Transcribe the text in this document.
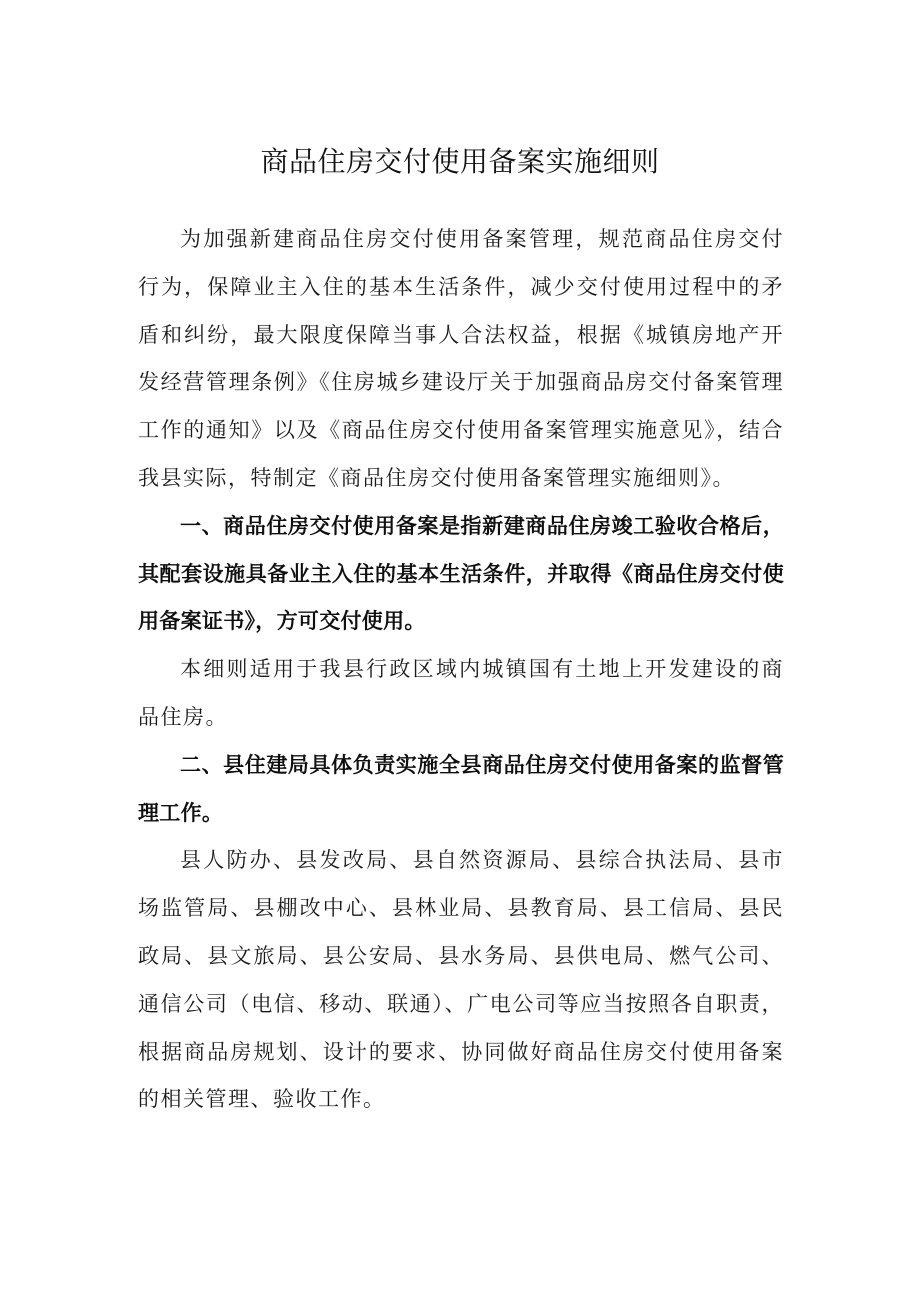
商品住房交付使用备案实施细则

为加强新建商品住房交付使用备案管理，规范商品住房交付行为，保障业主入住的基本生活条件，减少交付使用过程中的矛盾和纠纷，最大限度保障当事人合法权益，根据《城镇房地产开发经营管理条例》《住房城乡建设厅关于加强商品房交付备案管理工作的通知》以及《商品住房交付使用备案管理实施意见》，结合我县实际，特制定《商品住房交付使用备案管理实施细则》。

一、商品住房交付使用备案是指新建商品住房竣工验收合格后，其配套设施具备业主入住的基本生活条件，并取得《商品住房交付使用备案证书》，方可交付使用。

本细则适用于我县行政区域内城镇国有土地上开发建设的商品住房。

二、县住建局具体负责实施全县商品住房交付使用备案的监督管理工作。

县人防办、县发改局、县自然资源局、县综合执法局、县市场监管局、县棚改中心、县林业局、县教育局、县工信局、县民政局、县文旅局、县公安局、县水务局、县供电局、燃气公司、通信公司（电信、移动、联通）、广电公司等应当按照各自职责，根据商品房规划、设计的要求、协同做好商品住房交付使用备案的相关管理、验收工作。
